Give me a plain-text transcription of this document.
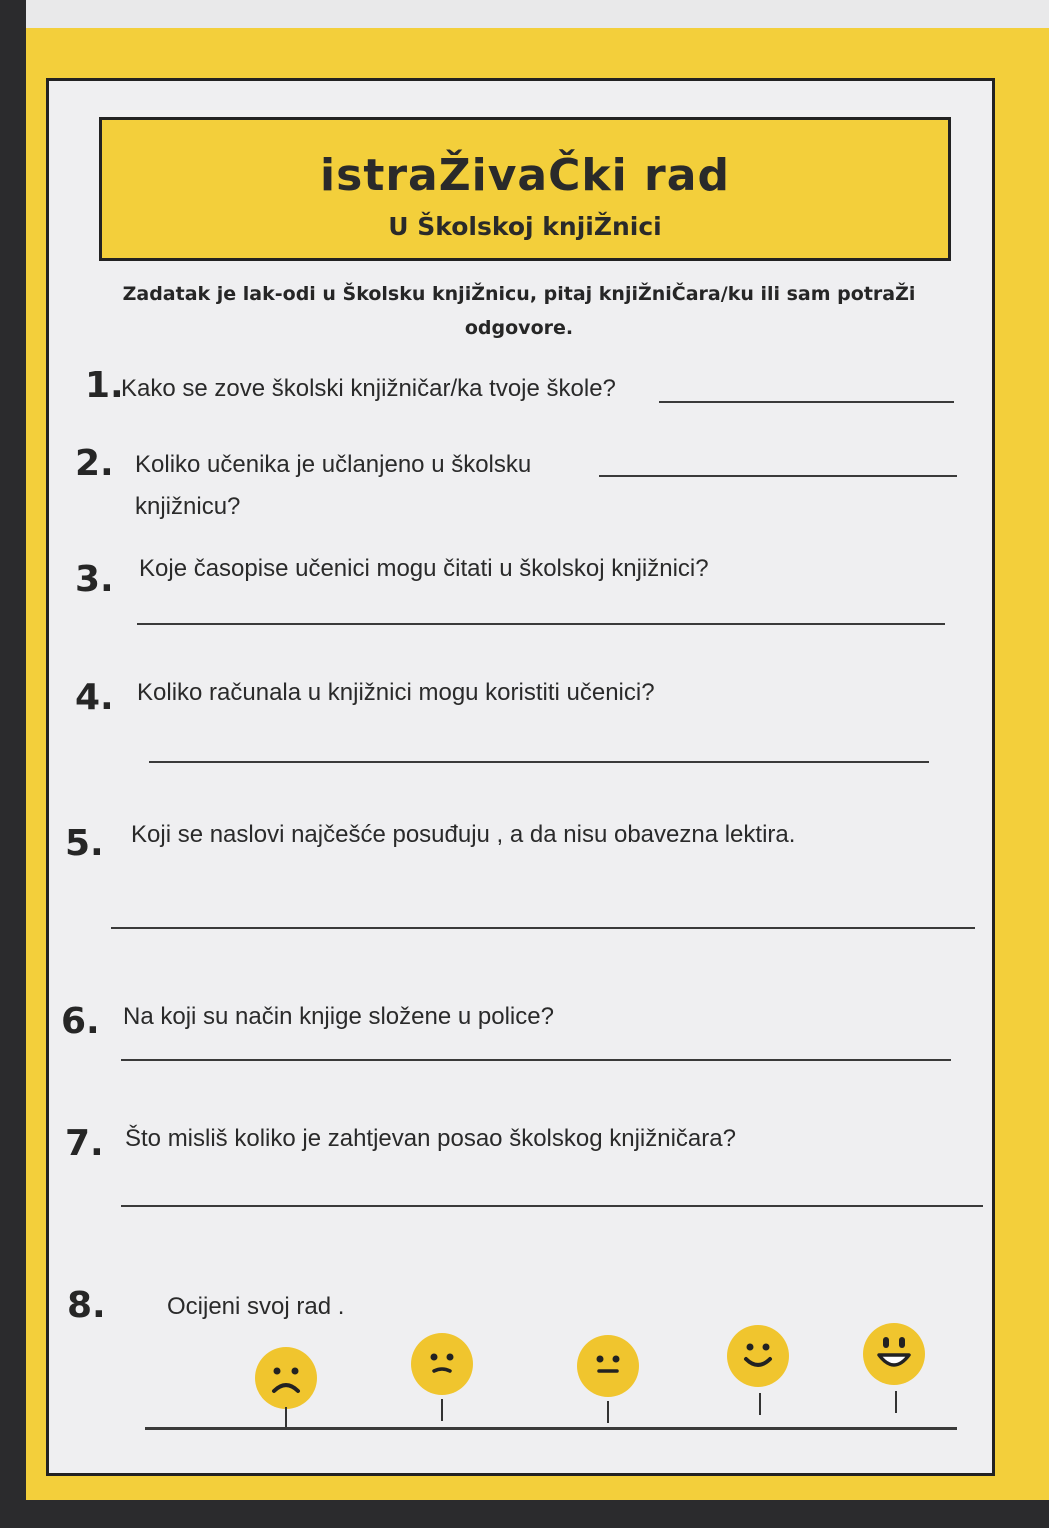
istraŽivaČki rad
U Školskoj knjiŽnici
Zadatak je lak-odi u Školsku knjiŽnicu, pitaj knjiŽniČara/ku ili sam potraŽi odgovore.
1.
Kako se zove školski knjižničar/ka tvoje škole?
2. Koliko učenika je učlanjeno u školsku
knjižnicu?
3. Koje časopise učenici mogu čitati u školskoj knjižnici?
4. Koliko računala u knjižnici mogu koristiti učenici?
5. Koji se naslovi najčešće posuđuju , a da nisu obavezna lektira.
6. Na koji su način knjige složene u police?
7. Što misliš koliko je zahtjevan posao školskog knjižničara?
8.	Ocijeni svoj rad .
